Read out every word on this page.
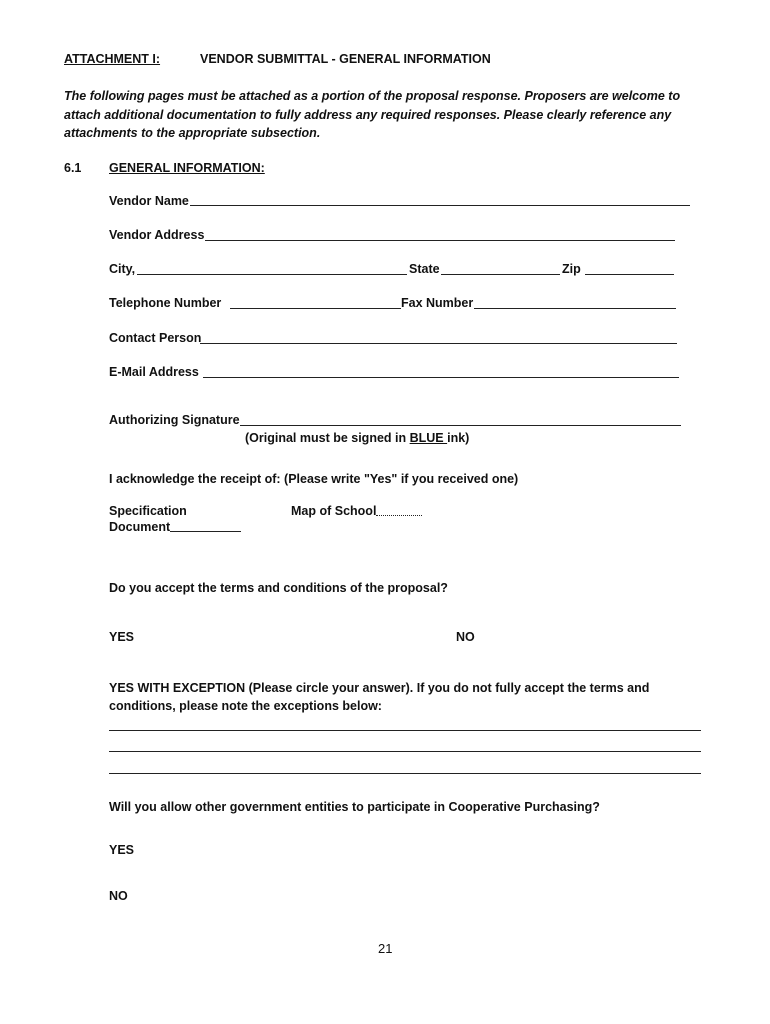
ATTACHMENT I:	VENDOR SUBMITTAL - GENERAL INFORMATION
The following pages must be attached as a portion of the proposal response. Proposers are welcome to attach additional documentation to fully address any required responses. Please clearly reference any attachments to the appropriate subsection.
6.1 GENERAL INFORMATION:
Vendor Name
Vendor Address
City,	State	Zip
Telephone Number	Fax Number
Contact Person
E-Mail Address
Authorizing Signature
(Original must be signed in BLUE ink)
I acknowledge the receipt of: (Please write "Yes" if you received one)
Specification
Document
Map of School
Do you accept the terms and conditions of the proposal?
YES	NO
YES WITH EXCEPTION (Please circle your answer). If you do not fully accept the terms and conditions, please note the exceptions below:
Will you allow other government entities to participate in Cooperative Purchasing?
YES
NO
21
